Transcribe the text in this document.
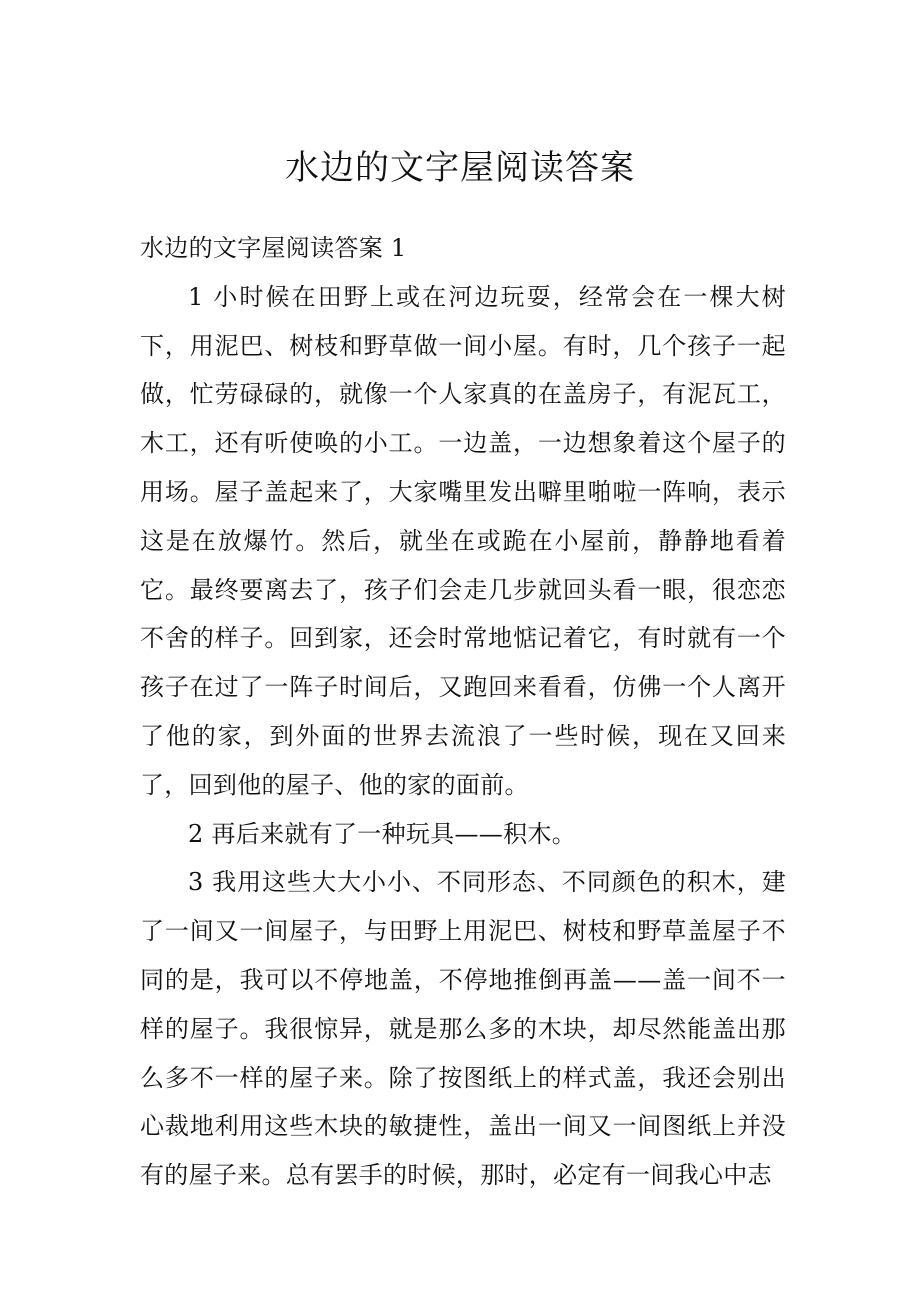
水边的文字屋阅读答案

水边的文字屋阅读答案 1

1 小时候在田野上或在河边玩耍，经常会在一棵大树下，用泥巴、树枝和野草做一间小屋。有时，几个孩子一起做，忙劳碌碌的，就像一个人家真的在盖房子，有泥瓦工，木工，还有听使唤的小工。一边盖，一边想象着这个屋子的用场。屋子盖起来了，大家嘴里发出噼里啪啦一阵响，表示这是在放爆竹。然后，就坐在或跪在小屋前，静静地看着它。最终要离去了，孩子们会走几步就回头看一眼，很恋恋不舍的样子。回到家，还会时常地惦记着它，有时就有一个孩子在过了一阵子时间后，又跑回来看看，仿佛一个人离开了他的家，到外面的世界去流浪了一些时候，现在又回来了，回到他的屋子、他的家的面前。

2 再后来就有了一种玩具——积木。

3 我用这些大大小小、不同形态、不同颜色的积木，建了一间又一间屋子，与田野上用泥巴、树枝和野草盖屋子不同的是，我可以不停地盖，不停地推倒再盖——盖一间不一样的屋子。我很惊异，就是那么多的木块，却尽然能盖出那么多不一样的屋子来。除了按图纸上的样式盖，我还会别出心裁地利用这些木块的敏捷性，盖出一间又一间图纸上并没有的屋子来。总有罢手的时候，那时，必定有一间我心中志
